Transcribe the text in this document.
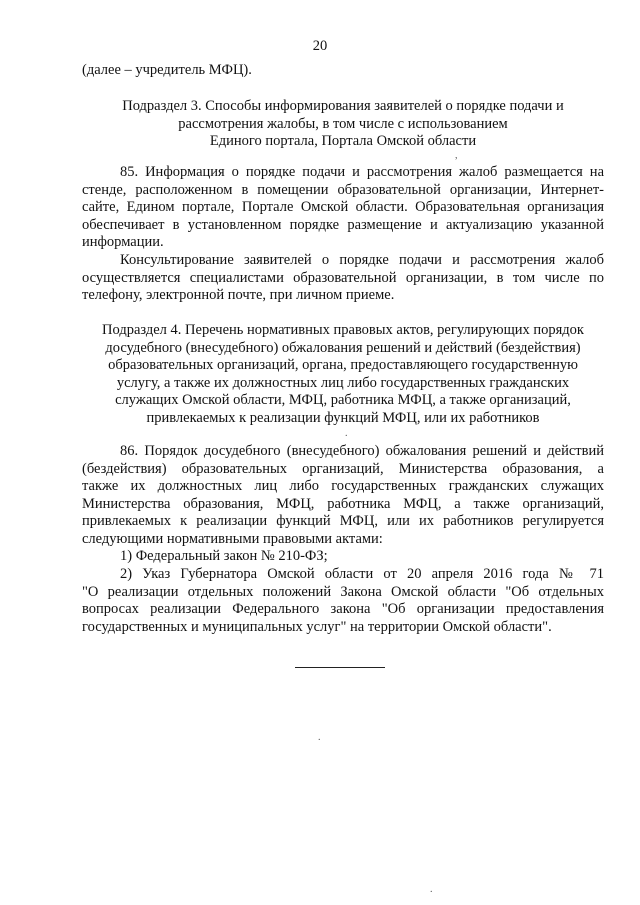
20
(далее – учредитель МФЦ).
Подраздел 3. Способы информирования заявителей о порядке подачи и
рассмотрения жалобы, в том числе с использованием
Единого портала, Портала Омской области
85. Информация о порядке подачи и рассмотрения жалоб размещается на
стенде, расположенном в помещении образовательной организации, Интернет-
сайте, Едином портале, Портале Омской области. Образовательная организация
обеспечивает в установленном порядке размещение и актуализацию указанной
информации.
Консультирование заявителей о порядке подачи и рассмотрения жалоб
осуществляется специалистами образовательной организации, в том числе по
телефону, электронной почте, при личном приеме.
Подраздел 4. Перечень нормативных правовых актов, регулирующих порядок
досудебного (внесудебного) обжалования решений и действий (бездействия)
образовательных организаций, органа, предоставляющего государственную
услугу, а также их должностных лиц либо государственных гражданских
служащих Омской области, МФЦ, работника МФЦ, а также организаций,
привлекаемых к реализации функций МФЦ, или их работников
86. Порядок досудебного (внесудебного) обжалования решений и действий
(бездействия) образовательных организаций, Министерства образования, а
также их должностных лиц либо государственных гражданских служащих
Министерства образования, МФЦ, работника МФЦ, а также организаций,
привлекаемых к реализации функций МФЦ, или их работников регулируется
следующими нормативными правовыми актами:
1) Федеральный закон № 210-ФЗ;
2) Указ Губернатора Омской области от 20 апреля 2016 года № 71
"О реализации отдельных положений Закона Омской области "Об отдельных
вопросах реализации Федерального закона "Об организации предоставления
государственных и муниципальных услуг" на территории Омской области".
,
.
.
.
